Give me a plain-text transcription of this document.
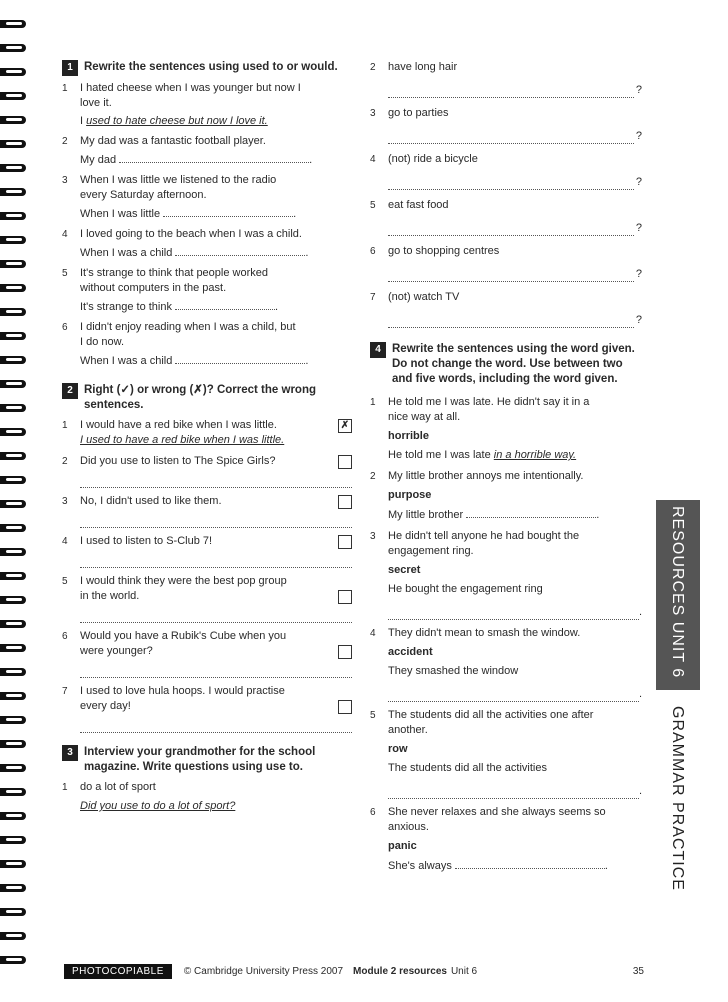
1 Rewrite the sentences using used to or would.
1	I hated cheese when I was younger but now I
love it.
I used to hate cheese but now I love it.
2	My dad was a fantastic football player.
My dad	.
3	When I was little we listened to the radio
every Saturday afternoon.
When I was little	.
4	I loved going to the beach when I was a child.
When I was a child	.
5	It's strange to think that people worked
without computers in the past.
It's strange to think	.
6	I didn't enjoy reading when I was a child, but
I do now.
When I was a child	.
2 Right (✓) or wrong (✗)? Correct the wrong sentences.
1	I would have a red bike when I was little.	✗
I used to have a red bike when I was little.
2	Did you use to listen to The Spice Girls?
3	No, I didn't used to like them.
4	I used to listen to S-Club 7!
5	I would think they were the best pop group
in the world.
6	Would you have a Rubik's Cube when you
were younger?
7	I used to love hula hoops. I would practise
every day!
3 Interview your grandmother for the school magazine. Write questions using use to.
1	do a lot of sport
Did you use to do a lot of sport?
2	have long hair
?
3	go to parties
?
4	(not) ride a bicycle
?
5	eat fast food
?
6	go to shopping centres
?
7	(not) watch TV
?
4 Rewrite the sentences using the word given. Do not change the word. Use between two and five words, including the word given.
1	He told me I was late. He didn't say it in a
nice way at all.
horrible
He told me I was late in a horrible way.
2	My little brother annoys me intentionally.
purpose
My little brother	.
3	He didn't tell anyone he had bought the
engagement ring.
secret
He bought the engagement ring
.
4	They didn't mean to smash the window.
accident
They smashed the window
.
5	The students did all the activities one after
another.
row
The students did all the activities
.
6	She never relaxes and she always seems so
anxious.
panic
She's always	.
RESOURCES UNIT 6
GRAMMAR PRACTICE
PHOTOCOPIABLE	© Cambridge University Press 2007 Module 2 resources Unit 6	35
